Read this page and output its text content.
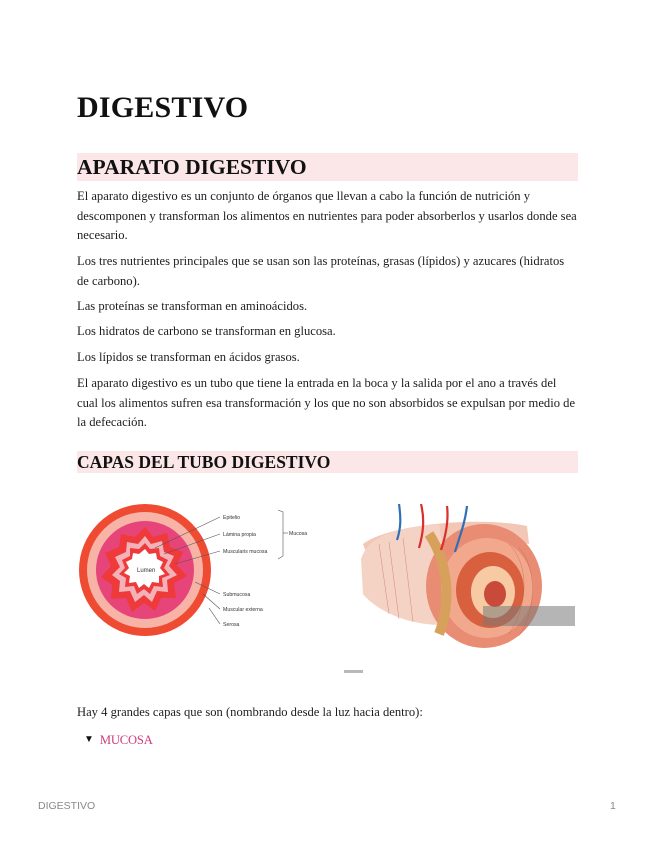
DIGESTIVO
APARATO DIGESTIVO

El aparato digestivo es un conjunto de órganos que llevan a cabo la función de nutrición y descomponen y transforman los alimentos en nutrientes para poder absorberlos y usarlos donde sea necesario.

Los tres nutrientes principales que se usan son las proteínas, grasas (lípidos) y azucares (hidratos de carbono).

Las proteínas se transforman en aminoácidos.

Los hidratos de carbono se transforman en glucosa.

Los lípidos se transforman en ácidos grasos.

El aparato digestivo es un tubo que tiene la entrada en la boca y la salida por el ano a través del cual los alimentos sufren esa transformación y los que no son absorbidos se expulsan por medio de la defecación.

CAPAS DEL TUBO DIGESTIVO
Lumen
Epitelio
Lámina propia
Muscularis mucosa
Mucosa
Submucosa
Muscular externa
Serosa

Hay 4 grandes capas que son (nombrando desde la luz hacia dentro):

▼ MUCOSA
DIGESTIVO	1
